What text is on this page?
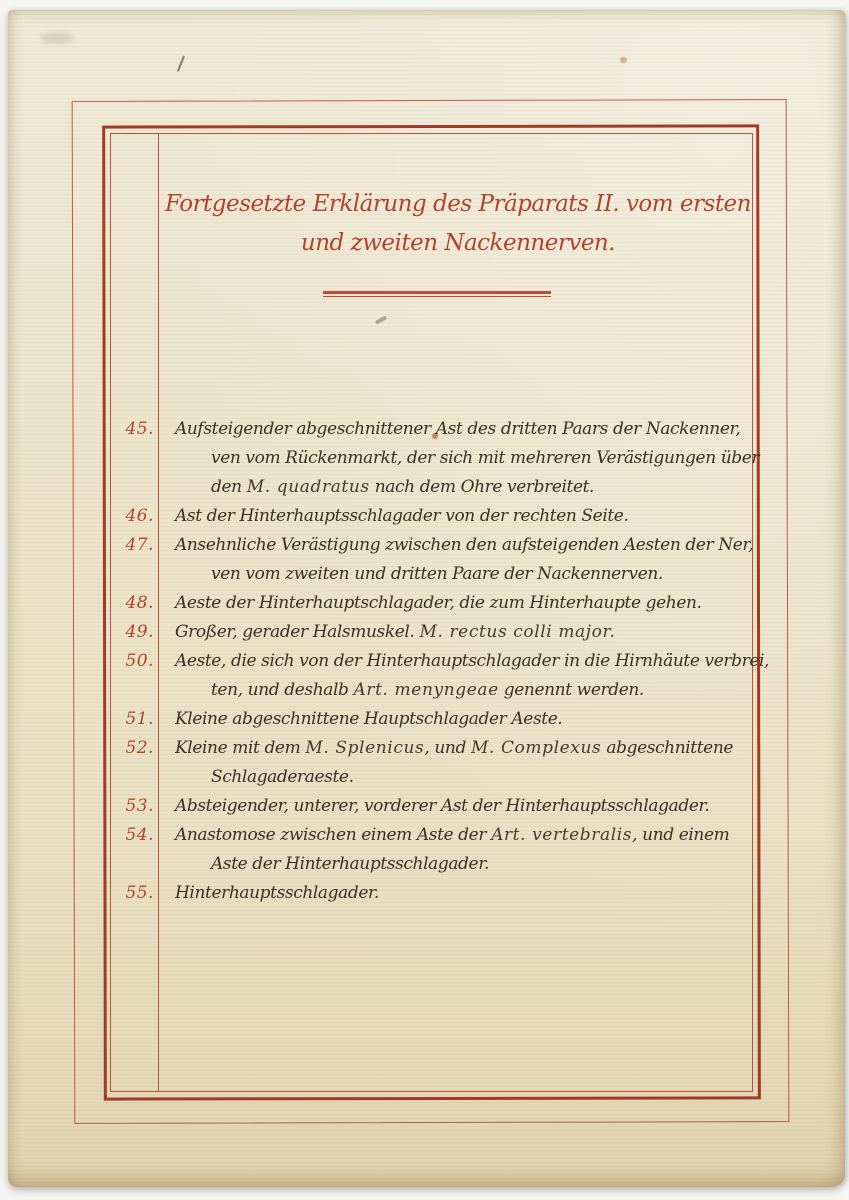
Fortgesetzte Erklärung des Präparats II. vom ersten
und zweiten Nackennerven.
45. Aufsteigender abgeschnittener Ast des dritten Paars der Nackenner,
ven vom Rückenmarkt, der sich mit mehreren Verästigungen über
den M. quadratus nach dem Ohre verbreitet.
46. Ast der Hinterhauptsschlagader von der rechten Seite.
47. Ansehnliche Verästigung zwischen den aufsteigenden Aesten der Ner,
ven vom zweiten und dritten Paare der Nackennerven.
48. Aeste der Hinterhauptschlagader, die zum Hinterhaupte gehen.
49. Großer, gerader Halsmuskel. M. rectus colli major.
50. Aeste, die sich von der Hinterhauptschlagader in die Hirnhäute verbrei,
ten, und deshalb Art. menyngeae genennt werden.
51. Kleine abgeschnittene Hauptschlagader Aeste.
52. Kleine mit dem M. Splenicus, und M. Complexus abgeschnittene
Schlagaderaeste.
53. Absteigender, unterer, vorderer Ast der Hinterhauptsschlagader.
54. Anastomose zwischen einem Aste der Art. vertebralis, und einem
Aste der Hinterhauptsschlagader.
55. Hinterhauptsschlagader.
